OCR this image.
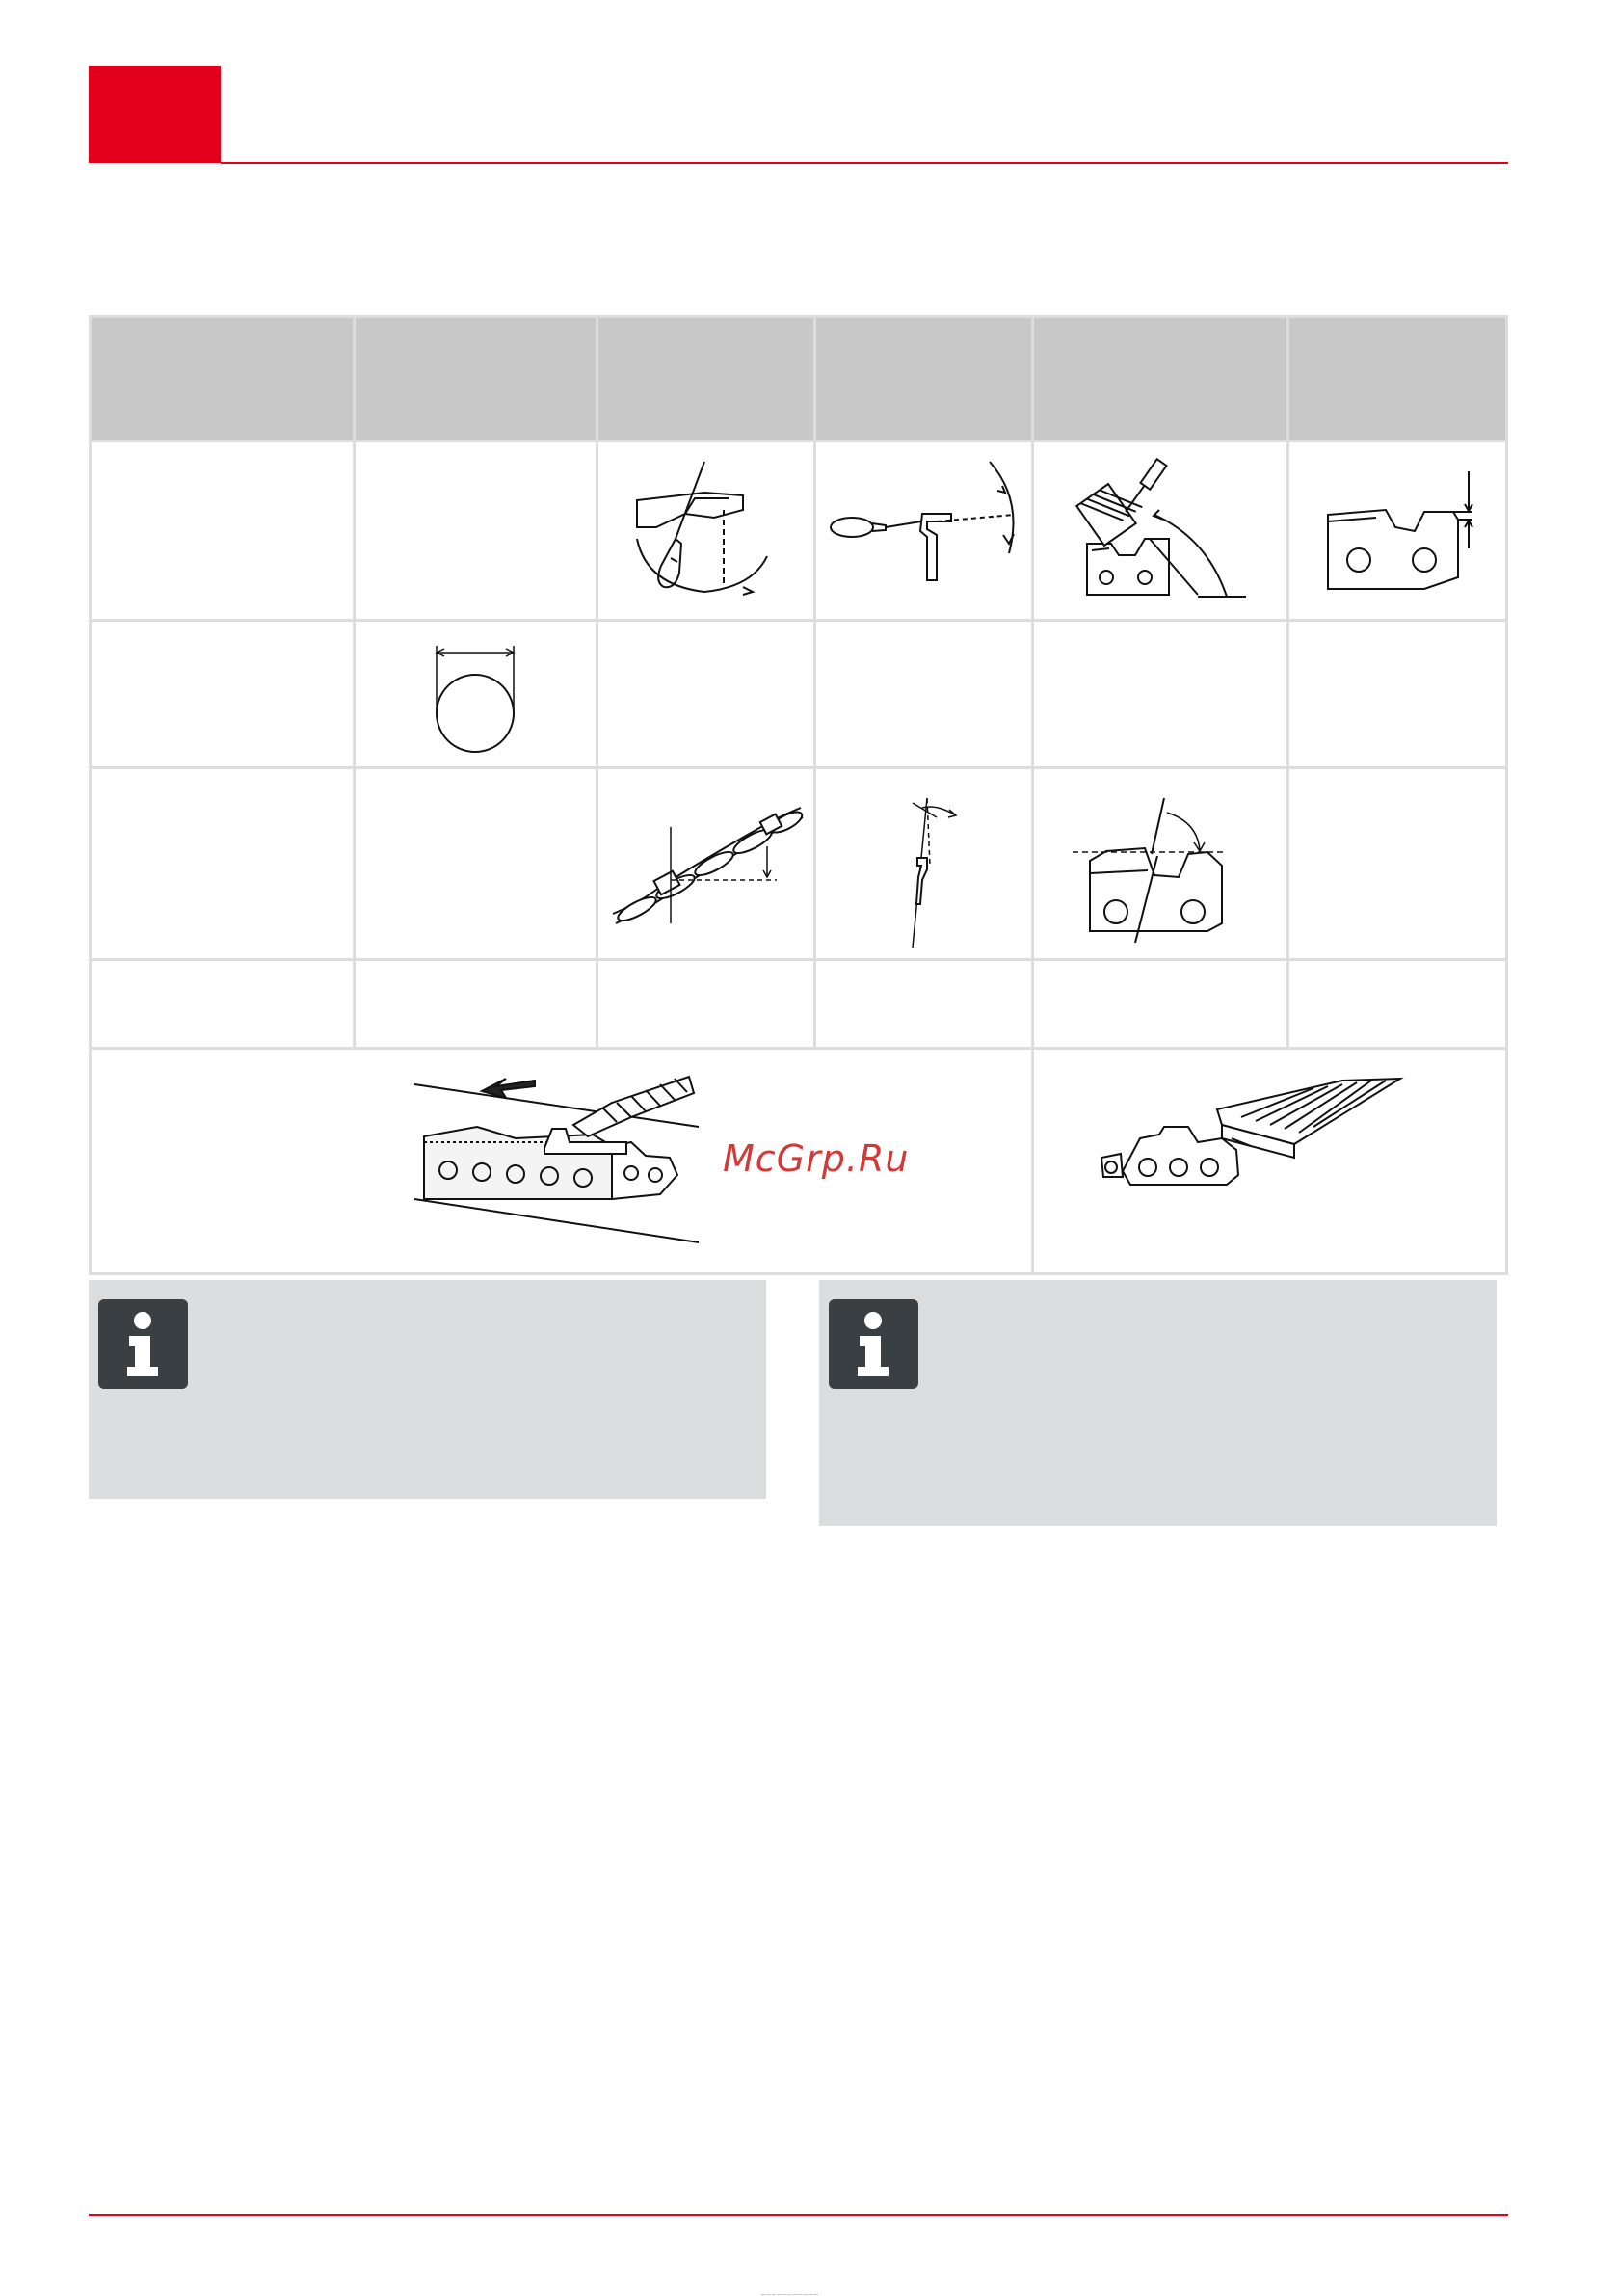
McGrp.Ru
___________
